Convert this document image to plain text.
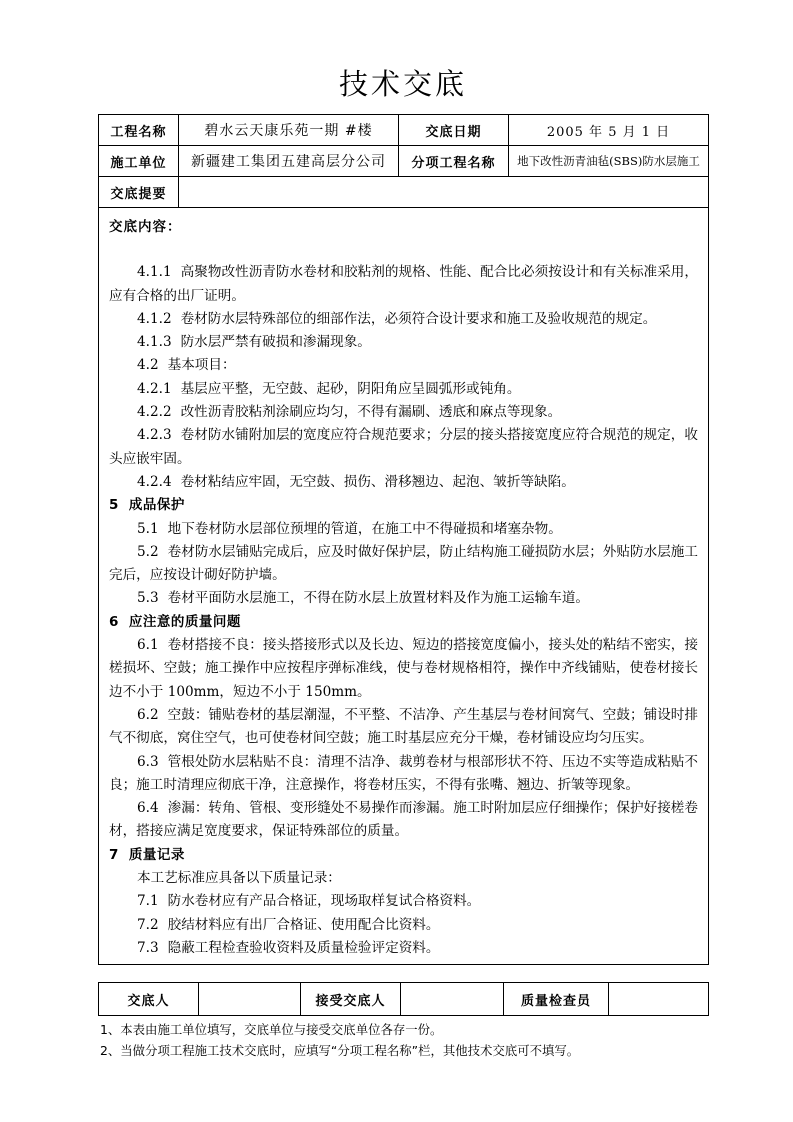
技术交底
工程名称	碧水云天康乐苑一期 #楼	交底日期	2005 年 5 月 1 日
施工单位	新疆建工集团五建高层分公司	分项工程名称	地下改性沥青油毡(SBS)防水层施工
交底提要			

交底内容：
4.1.1 高聚物改性沥青防水卷材和胶粘剂的规格、性能、配合比必须按设计和有关标准采用，应有合格的出厂证明。
4.1.2 卷材防水层特殊部位的细部作法，必须符合设计要求和施工及验收规范的规定。
4.1.3 防水层严禁有破损和渗漏现象。
4.2 基本项目：
4.2.1 基层应平整，无空鼓、起砂，阴阳角应呈圆弧形或钝角。
4.2.2 改性沥青胶粘剂涂刷应均匀，不得有漏刷、透底和麻点等现象。
4.2.3 卷材防水铺附加层的宽度应符合规范要求；分层的接头搭接宽度应符合规范的规定，收头应嵌牢固。
4.2.4 卷材粘结应牢固，无空鼓、损伤、滑移翘边、起泡、皱折等缺陷。
5 成品保护
5.1 地下卷材防水层部位预埋的管道，在施工中不得碰损和堵塞杂物。
5.2 卷材防水层铺贴完成后，应及时做好保护层，防止结构施工碰损防水层；外贴防水层施工完后，应按设计砌好防护墙。
5.3 卷材平面防水层施工，不得在防水层上放置材料及作为施工运输车道。
6 应注意的质量问题
6.1 卷材搭接不良：接头搭接形式以及长边、短边的搭接宽度偏小，接头处的粘结不密实，接槎损坏、空鼓；施工操作中应按程序弹标准线，使与卷材规格相符，操作中齐线铺贴，使卷材接长边不小于 100mm，短边不小于 150mm。
6.2 空鼓：铺贴卷材的基层潮湿，不平整、不洁净、产生基层与卷材间窝气、空鼓；铺设时排气不彻底，窝住空气，也可使卷材间空鼓；施工时基层应充分干燥，卷材铺设应均匀压实。
6.3 管根处防水层粘贴不良：清理不洁净、裁剪卷材与根部形状不符、压边不实等造成粘贴不良；施工时清理应彻底干净，注意操作，将卷材压实，不得有张嘴、翘边、折皱等现象。
6.4 渗漏：转角、管根、变形缝处不易操作而渗漏。施工时附加层应仔细操作；保护好接槎卷材，搭接应满足宽度要求，保证特殊部位的质量。
7 质量记录
本工艺标准应具备以下质量记录：
7.1 防水卷材应有产品合格证，现场取样复试合格资料。
7.2 胶结材料应有出厂合格证、使用配合比资料。
7.3 隐蔽工程检查验收资料及质量检验评定资料。
交底人		接受交底人		质量检查员	

1、本表由施工单位填写，交底单位与接受交底单位各存一份。

2、当做分项工程施工技术交底时，应填写“分项工程名称”栏，其他技术交底可不填写。
